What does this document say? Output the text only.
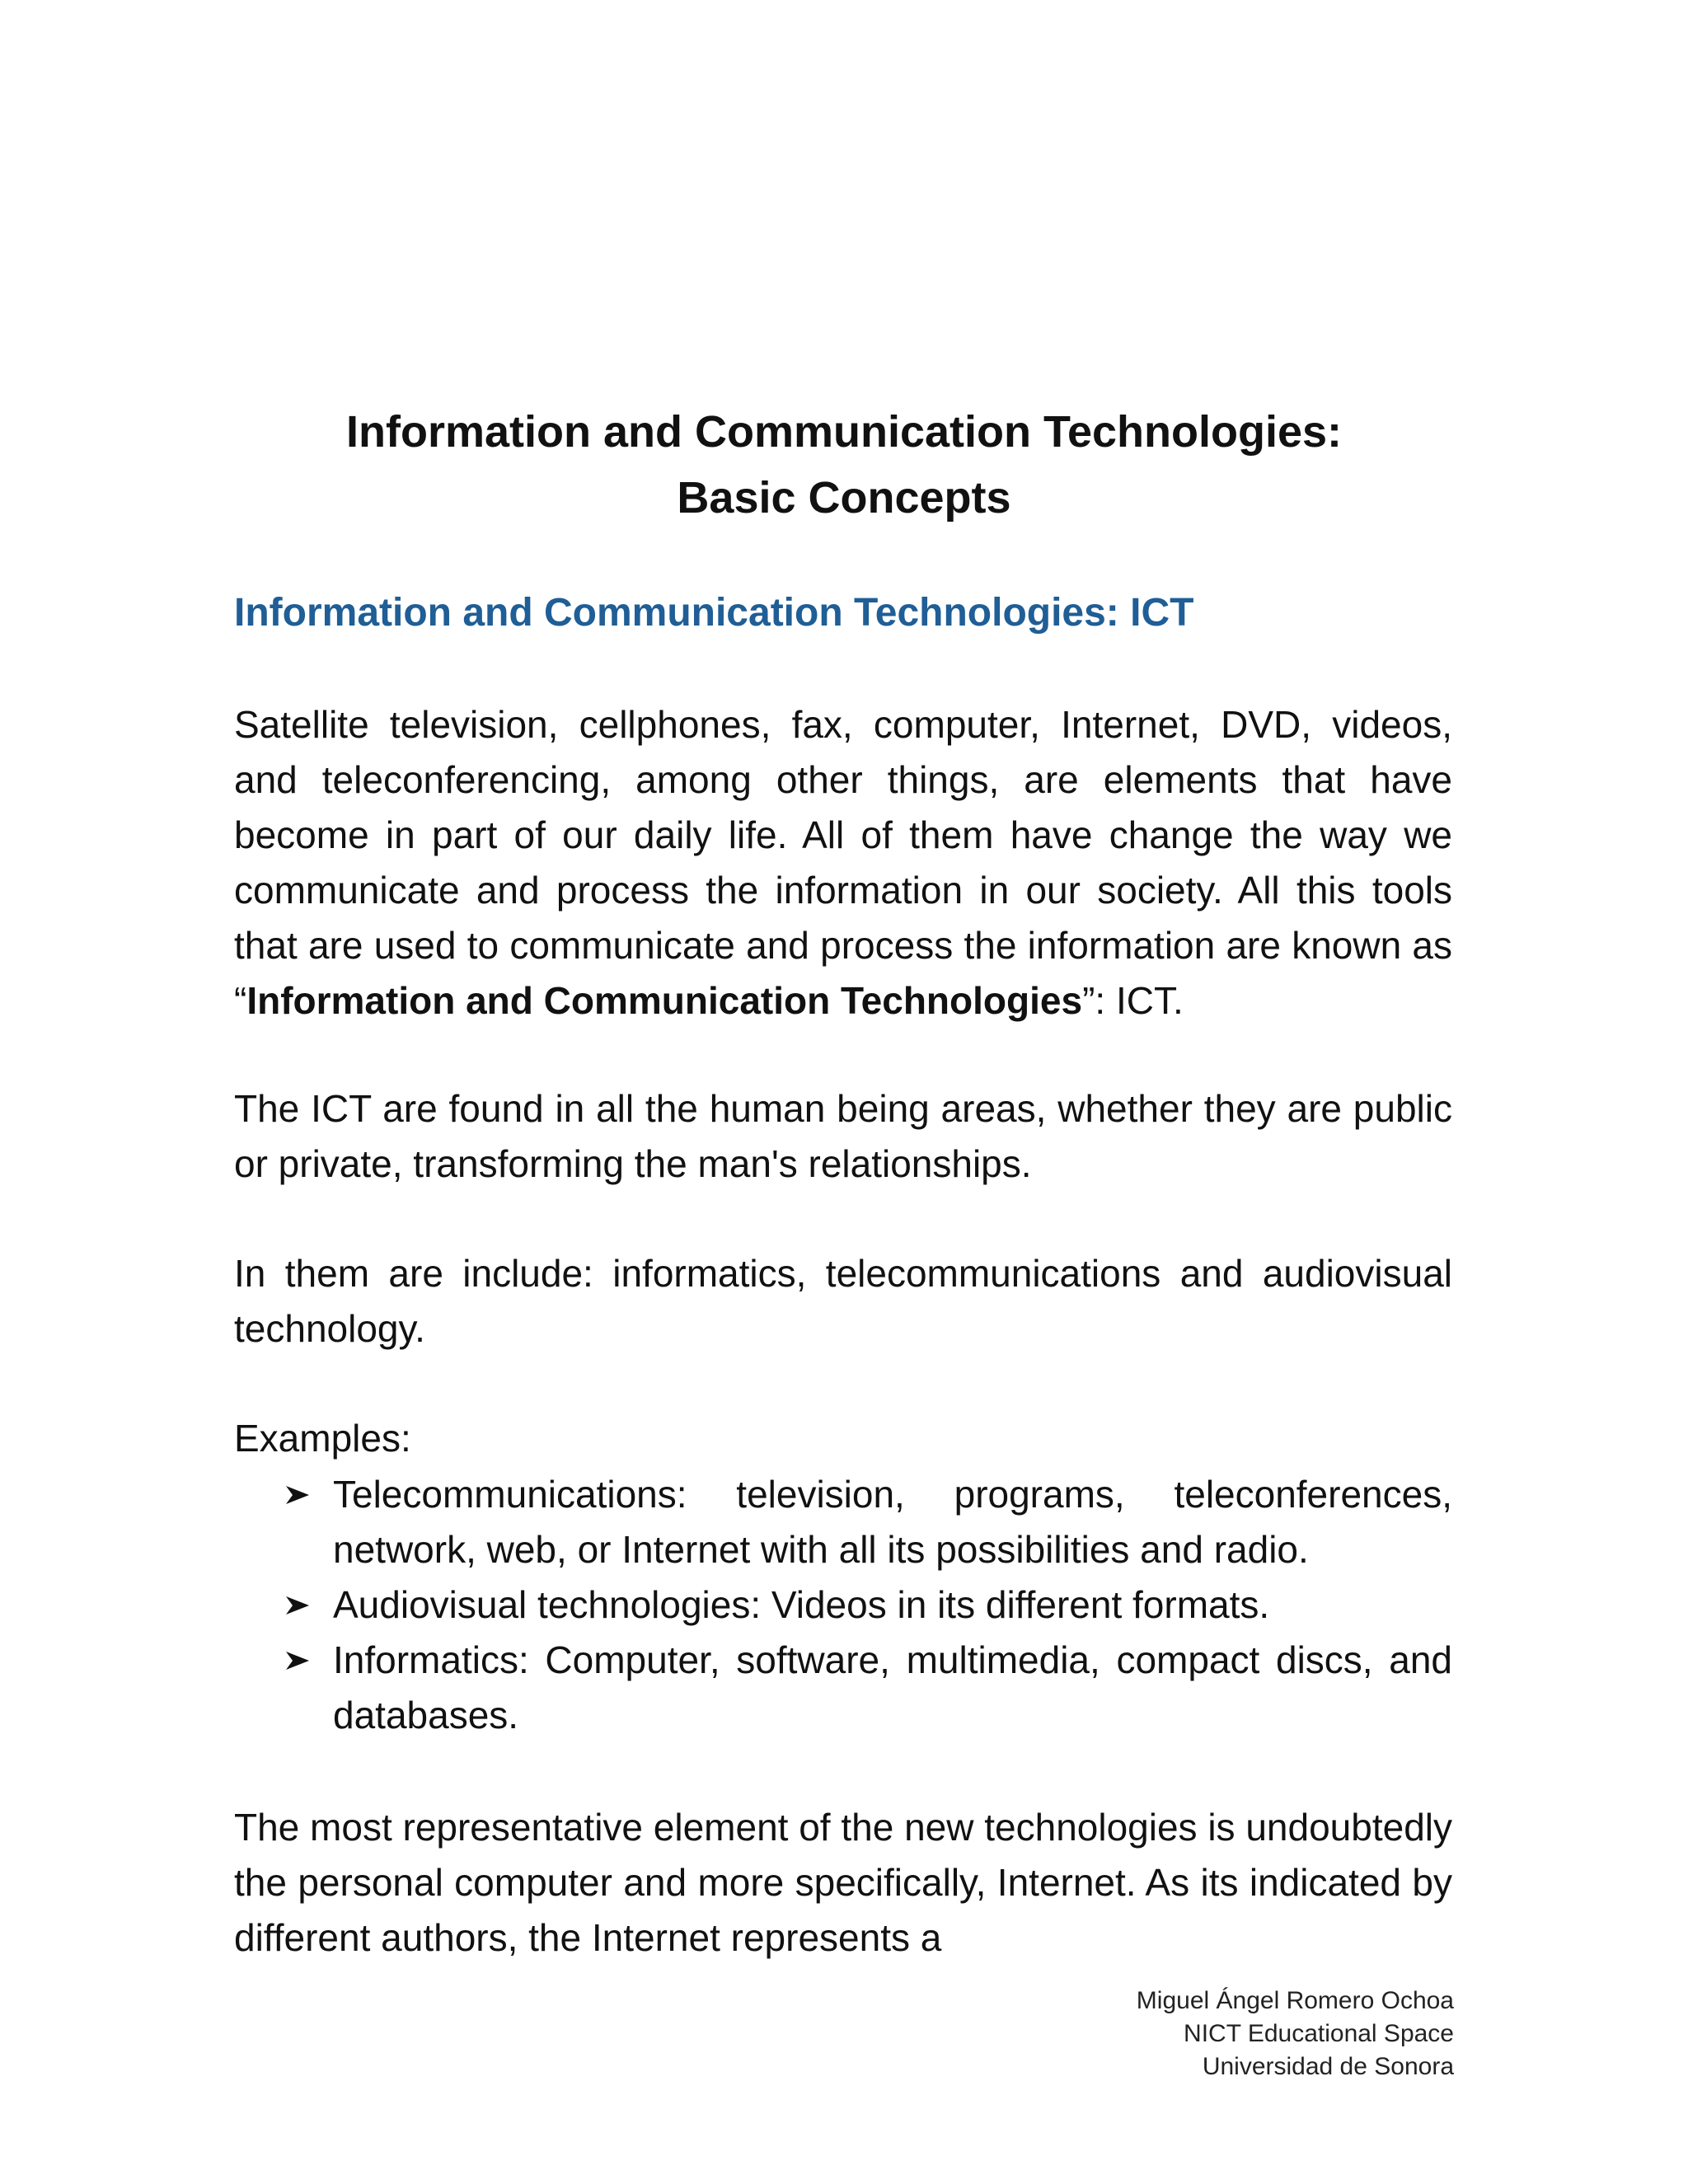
Information and Communication Technologies:
Basic Concepts
Information and Communication Technologies: ICT

Satellite television, cellphones, fax, computer, Internet, DVD, videos, and teleconferencing, among other things, are elements that have become in part of our daily life. All of them have change the way we communicate and process the information in our society. All this tools that are used to communicate and process the information are known as “Information and Communication Technologies”: ICT.

The ICT are found in all the human being areas, whether they are public or private, transforming the man's relationships.

In them are include: informatics, telecommunications and audiovisual technology.

Examples:

Telecommunications: television, programs, teleconferences, network, web, or Internet with all its possibilities and radio.
Audiovisual technologies: Videos in its different formats.
Informatics: Computer, software, multimedia, compact discs, and databases.

The most representative element of the new technologies is undoubtedly the personal computer and more specifically, Internet. As its indicated by different authors, the Internet represents a

Miguel Ángel Romero Ochoa
NICT Educational Space
Universidad de Sonora
